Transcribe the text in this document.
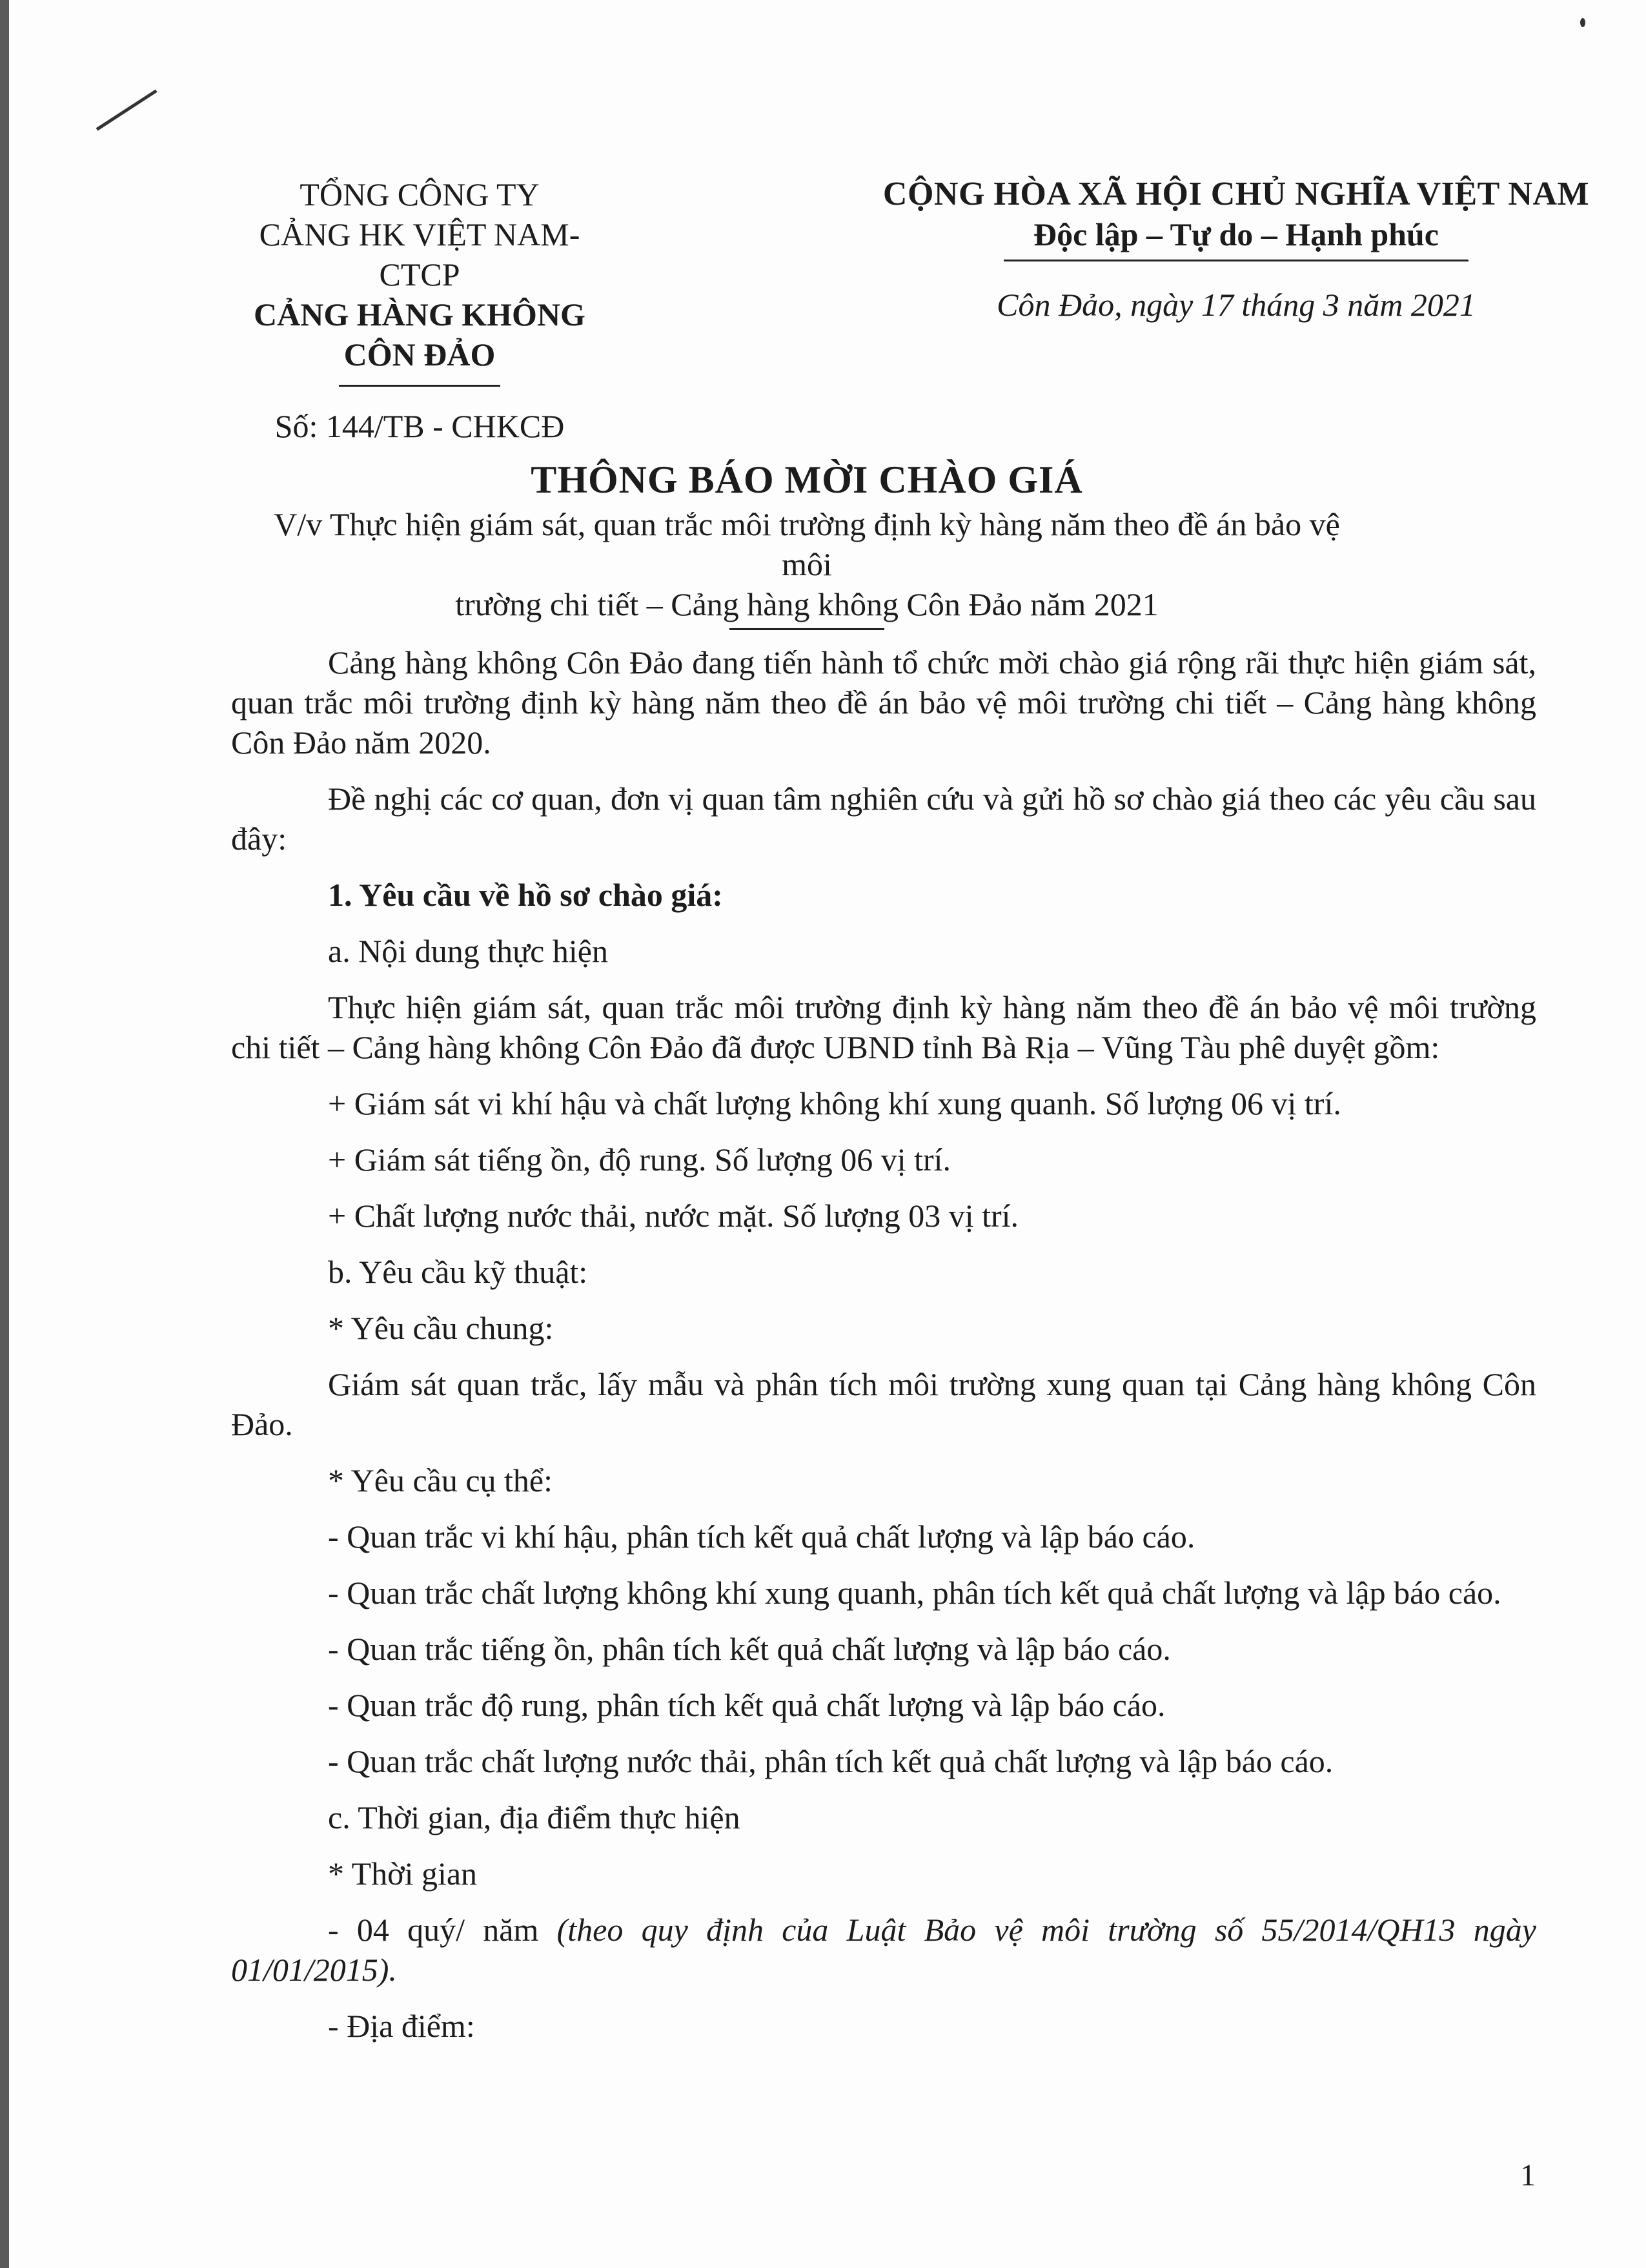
TỔNG CÔNG TY
CẢNG HK VIỆT NAM-CTCP
CẢNG HÀNG KHÔNG CÔN ĐẢO
Số: 144/TB - CHKCĐ
CỘNG HÒA XÃ HỘI CHỦ NGHĨA VIỆT NAM
Độc lập – Tự do – Hạnh phúc
Côn Đảo, ngày 17 tháng 3 năm 2021
THÔNG BÁO MỜI CHÀO GIÁ
V/v Thực hiện giám sát, quan trắc môi trường định kỳ hàng năm theo đề án bảo vệ môi
trường chi tiết – Cảng hàng không Côn Đảo năm 2021

Cảng hàng không Côn Đảo đang tiến hành tổ chức mời chào giá rộng rãi thực hiện giám sát, quan trắc môi trường định kỳ hàng năm theo đề án bảo vệ môi trường chi tiết – Cảng hàng không Côn Đảo năm 2020.

Đề nghị các cơ quan, đơn vị quan tâm nghiên cứu và gửi hồ sơ chào giá theo các yêu cầu sau đây:

1. Yêu cầu về hồ sơ chào giá:

a. Nội dung thực hiện

Thực hiện giám sát, quan trắc môi trường định kỳ hàng năm theo đề án bảo vệ môi trường chi tiết – Cảng hàng không Côn Đảo đã được UBND tỉnh Bà Rịa – Vũng Tàu phê duyệt gồm:

+ Giám sát vi khí hậu và chất lượng không khí xung quanh. Số lượng 06 vị trí.

+ Giám sát tiếng ồn, độ rung. Số lượng 06 vị trí.

+ Chất lượng nước thải, nước mặt. Số lượng 03 vị trí.

b. Yêu cầu kỹ thuật:

* Yêu cầu chung:

Giám sát quan trắc, lấy mẫu và phân tích môi trường xung quan tại Cảng hàng không Côn Đảo.

* Yêu cầu cụ thể:

- Quan trắc vi khí hậu, phân tích kết quả chất lượng và lập báo cáo.

- Quan trắc chất lượng không khí xung quanh, phân tích kết quả chất lượng và lập báo cáo.

- Quan trắc tiếng ồn, phân tích kết quả chất lượng và lập báo cáo.

- Quan trắc độ rung, phân tích kết quả chất lượng và lập báo cáo.

- Quan trắc chất lượng nước thải, phân tích kết quả chất lượng và lập báo cáo.

c. Thời gian, địa điểm thực hiện

* Thời gian

- 04 quý/ năm (theo quy định của Luật Bảo vệ môi trường số 55/2014/QH13 ngày 01/01/2015).

- Địa điểm:

1
